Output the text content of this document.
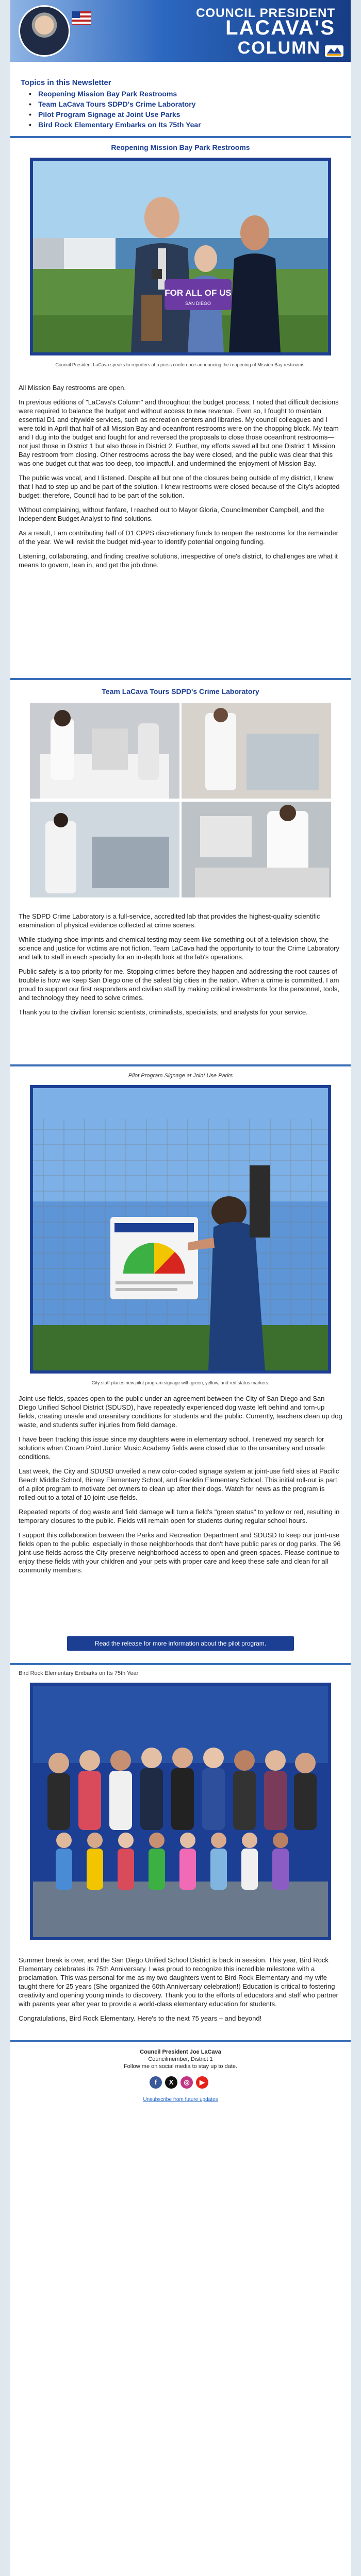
COUNCIL PRESIDENT
LACAVA'S
COLUMN
LACAVA
Topics in this Newsletter
• Reopening Mission Bay Park Restrooms
• Team LaCava Tours SDPD's Crime Laboratory
• Pilot Program Signage at Joint Use Parks
• Bird Rock Elementary Embarks on Its 75th Year
Reopening Mission Bay Park Restrooms
FOR ALL OF US
SAN DIEGO
Council President LaCava speaks to reporters at a press conference announcing the reopening of Mission Bay restrooms.

All Mission Bay restrooms are open.

In previous editions of "LaCava's Column" and throughout the budget process, I noted that difficult decisions were required to balance the budget and without access to new revenue. Even so, I fought to maintain essential D1 and citywide services, such as recreation centers and libraries. My council colleagues and I were told in April that half of all Mission Bay and oceanfront restrooms were on the chopping block. My team and I dug into the budget and fought for and reversed the proposals to close those oceanfront restrooms—not just those in District 1 but also those in District 2. Further, my efforts saved all but one District 1 Mission Bay restroom from closing. Other restrooms across the bay were closed, and the public was clear that this was one budget cut that was too deep, too impactful, and undermined the enjoyment of Mission Bay.

The public was vocal, and I listened. Despite all but one of the closures being outside of my district, I knew that I had to step up and be part of the solution. I knew restrooms were closed because of the City's adopted budget; therefore, Council had to be part of the solution.

Without complaining, without fanfare, I reached out to Mayor Gloria, Councilmember Campbell, and the Independent Budget Analyst to find solutions.

As a result, I am contributing half of D1 CPPS discretionary funds to reopen the restrooms for the remainder of the year. We will revisit the budget mid-year to identify potential ongoing funding.

Listening, collaborating, and finding creative solutions, irrespective of one's district, to challenges are what it means to govern, lean in, and get the job done.

Team LaCava Tours SDPD's Crime Laboratory

The SDPD Crime Laboratory is a full-service, accredited lab that provides the highest-quality scientific examination of physical evidence collected at crime scenes.

While studying shoe imprints and chemical testing may seem like something out of a television show, the science and justice for victims are not fiction. Team LaCava had the opportunity to tour the Crime Laboratory and talk to staff in each specialty for an in-depth look at the lab's operations.

Public safety is a top priority for me. Stopping crimes before they happen and addressing the root causes of trouble is how we keep San Diego one of the safest big cities in the nation. When a crime is committed, I am proud to support our first responders and civilian staff by making critical investments for the personnel, tools, and technology they need to solve crimes.

Thank you to the civilian forensic scientists, criminalists, specialists, and analysts for your service.

Pilot Program Signage at Joint Use Parks
City staff places new pilot program signage with green, yellow, and red status markers.

Joint-use fields, spaces open to the public under an agreement between the City of San Diego and San Diego Unified School District (SDUSD), have repeatedly experienced dog waste left behind and torn-up fields, creating unsafe and unsanitary conditions for students and the public. Currently, teachers clean up dog waste, and students suffer injuries from field damage.

I have been tracking this issue since my daughters were in elementary school. I renewed my search for solutions when Crown Point Junior Music Academy fields were closed due to the unsanitary and unsafe conditions.

Last week, the City and SDUSD unveiled a new color-coded signage system at joint-use field sites at Pacific Beach Middle School, Birney Elementary School, and Franklin Elementary School. This initial roll-out is part of a pilot program to motivate pet owners to clean up after their dogs. Watch for news as the program is rolled-out to a total of 10 joint-use fields.

Repeated reports of dog waste and field damage will turn a field's "green status" to yellow or red, resulting in temporary closures to the public. Fields will remain open for students during regular school hours.

I support this collaboration between the Parks and Recreation Department and SDUSD to keep our joint-use fields open to the public, especially in those neighborhoods that don't have public parks or dog parks. The 96 joint-use fields across the City preserve neighborhood access to open and green spaces. Please continue to enjoy these fields with your children and your pets with proper care and keep these safe and clean for all community members.

Read the release for more information about the pilot program.
Bird Rock Elementary Embarks on Its 75th Year

Summer break is over, and the San Diego Unified School District is back in session. This year, Bird Rock Elementary celebrates its 75th Anniversary. I was proud to recognize this incredible milestone with a proclamation. This was personal for me as my two daughters went to Bird Rock Elementary and my wife taught there for 25 years (She organized the 60th Anniversary celebration!) Education is critical to fostering creativity and opening young minds to discovery. Thank you to the efforts of educators and staff who partner with parents year after year to provide a world-class elementary education for students.

Congratulations, Bird Rock Elementary. Here's to the next 75 years – and beyond!

Council President Joe LaCava
Councilmember, District 1
Follow me on social media to stay up to date.
f	X	◎	▶
Unsubscribe from future updates
